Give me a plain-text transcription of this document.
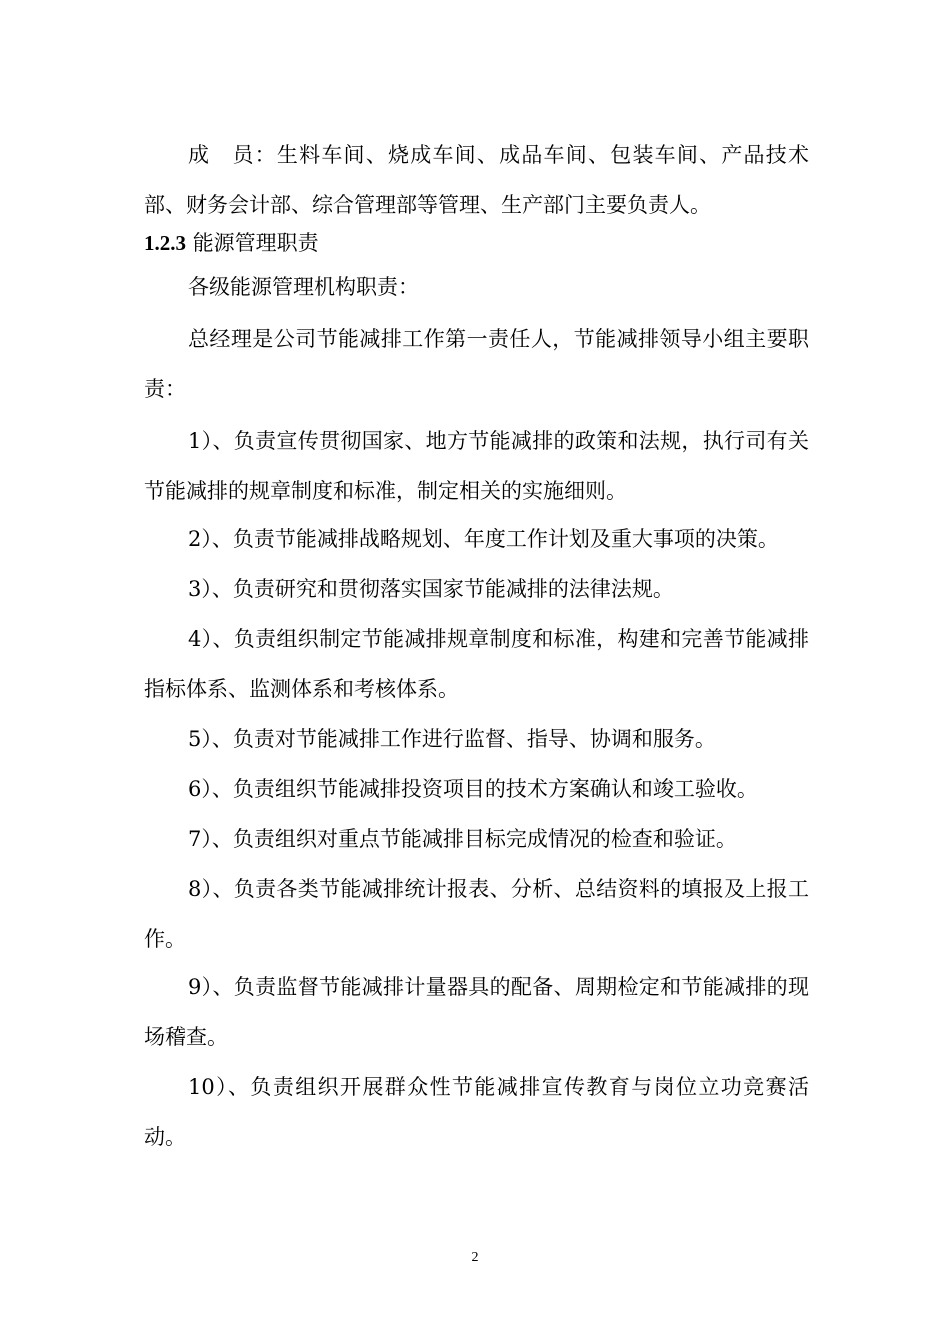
成　员：生料车间、烧成车间、成品车间、包装车间、产品技术部、财务会计部、综合管理部等管理、生产部门主要负责人。

1.2.3 能源管理职责

各级能源管理机构职责：

总经理是公司节能减排工作第一责任人，节能减排领导小组主要职责：

1）、负责宣传贯彻国家、地方节能减排的政策和法规，执行司有关节能减排的规章制度和标准，制定相关的实施细则。

2）、负责节能减排战略规划、年度工作计划及重大事项的决策。

3）、负责研究和贯彻落实国家节能减排的法律法规。

4）、负责组织制定节能减排规章制度和标准，构建和完善节能减排指标体系、监测体系和考核体系。

5）、负责对节能减排工作进行监督、指导、协调和服务。

6）、负责组织节能减排投资项目的技术方案确认和竣工验收。

7）、负责组织对重点节能减排目标完成情况的检查和验证。

8）、负责各类节能减排统计报表、分析、总结资料的填报及上报工作。

9）、负责监督节能减排计量器具的配备、周期检定和节能减排的现场稽查。

10）、负责组织开展群众性节能减排宣传教育与岗位立功竞赛活动。

2
